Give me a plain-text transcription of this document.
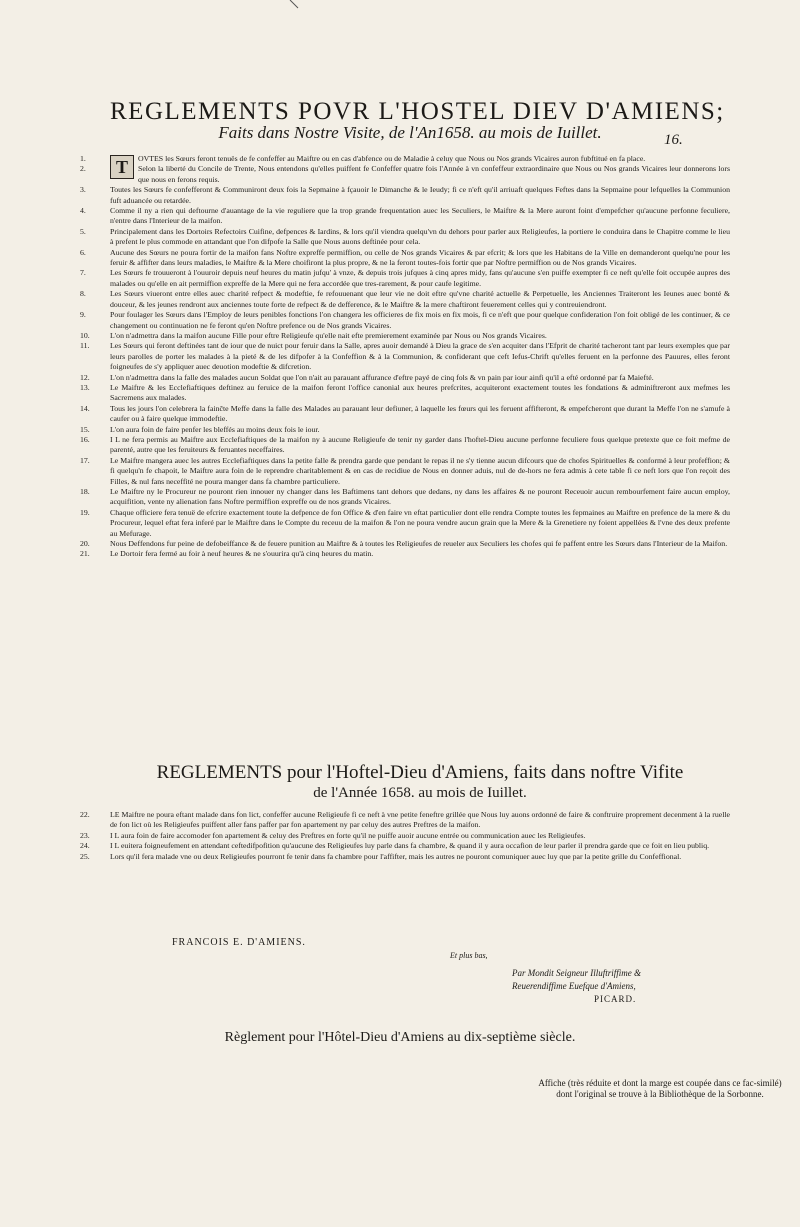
REGLEMENTS POVR L'HOSTEL DIEV D'AMIENS;
Faits dans Nostre Visite, de l'An1658. au mois de Iuillet.	16.
1.	T	OVTES les Sœurs feront tenuës de fe confeffer au Maiftre ou en cas d'abfence ou de Maladie à celuy que Nous ou Nos grands Vicaires auron fubftitué en fa place.
2.	Selon la liberté du Concile de Trente, Nous entendons qu'elles puiffent fe Confeffer quatre fois l'Année à vn confeffeur extraordinaire que Nous ou Nos grands Vicaires leur donnerons lors que nous en ferons requis.
3.	Toutes les Sœurs fe confefferont & Communiront deux fois la Sepmaine à fçauoir le Dimanche & le Ieudy; fi ce n'eft qu'il arriuaft quelques Feftes dans la Sepmaine pour lefquelles la Communion fuft aduancée ou retardée.
4.	Comme il ny a rien qui deftourne d'auantage de la vie reguliere que la trop grande frequentation auec les Seculiers, le Maiftre & la Mere auront foint d'empefcher qu'aucune perfonne feculiere, n'entre dans l'Interieur de la maifon.
5.	Principalement dans les Dortoirs Refectoirs Cuifine, defpences & Iardins, & lors qu'il viendra quelqu'vn du dehors pour parler aux Religieufes, la portiere le conduira dans le Chapitre comme le lieu à prefent le plus commode en attandant que l'on difpofe la Salle que Nous auons deftinée pour cela.
6.	Aucune des Sœurs ne poura fortir de la maifon fans Noftre expreffe permiffion, ou celle de Nos grands Vicaires & par efcrit; & lors que les Habitans de la Ville en demanderont quelqu'ne pour les feruir & affifter dans leurs maladies, le Maiftre & la Mere choifiront la plus propre, & ne la feront toutes-fois fortir que par Noftre permiffion ou de Nos grands Vicaires.
7.	Les Sœurs fe trouueront à l'ouuroir depuis neuf heures du matin jufqu' à vnze, & depuis trois jufques à cinq apres midy, fans qu'aucune s'en puiffe exempter fi ce neft qu'elle foit occupée aupres des malades ou qu'elle en ait permiffion expreffe de la Mere qui ne fera accordée que tres-rarement, & pour caufe legitime.
8.	Les Sœurs viueront entre elles auec charité refpect & modeftie, fe refouuenant que leur vie ne doit eftre qu'vne charité actuelle & Perpetuelle, les Anciennes Traiteront les Ieunes auec bonté & douceur, & les jeunes rendront aux anciennes toute forte de refpect & de defference, & le Maiftre & la mere chaftiront feuerement celles qui y contreuiendront.
9.	Pour foulager les Sœurs dans l'Employ de leurs penibles fonctions l'on changera les officieres de fix mois en fix mois, fi ce n'eft que pour quelque confideration l'on foit obligé de les continuer, & ce changement ou continuation ne fe feront qu'en Noftre prefence ou de Nos grands Vicaires.
10.	L'on n'admettra dans la maifon aucune Fille pour eftre Religieufe qu'elle nait efte premierement examinée par Nous ou Nos grands Vicaires.
11.	Les Sœurs qui feront deftinées tant de iour que de nuict pour feruir dans la Salle, apres auoir demandé à Dieu la grace de s'en acquiter dans l'Efprit de charité tacheront tant par leurs exemples que par leurs parolles de porter les malades à la pieté & de les difpofer à la Confeffion & à la Communion, & confiderant que ceft Iefus-Chrift qu'elles feruent en la perfonne des Pauures, elles feront foigneufes de s'y appliquer auec deuotion modeftie & difcretion.
12.	L'on n'admettra dans la falle des malades aucun Soldat que l'on n'ait au parauant affurance d'eftre payé de cinq fols & vn pain par iour ainfi qu'il a efté ordonné par fa Maiefté.
13.	Le Maiftre & les Ecclefiaftiques deftinez au feruice de la maifon feront l'office canonial aux heures prefcrites, acquiteront exactement toutes les fondations & adminiftreront aux mefmes les Sacremens aux malades.
14.	Tous les jours l'on celebrera la fainčte Meffe dans la falle des Malades au parauant leur defiuner, à laquelle les fœurs qui les feruent affifteront, & empefcheront que durant la Meffe l'on ne s'amufe à caufer ou à faire quelque immodeftie.
15.	L'on aura foin de faire penfer les bleffés au moins deux fois le iour.
16.	I L ne fera permis au Maiftre aux Ecclefiaftiques de la maifon ny à aucune Religieufe de tenir ny garder dans l'hoftel-Dieu aucune perfonne feculiere fous quelque pretexte que ce foit mefme de parenté, autre que les feruiteurs & feruantes neceffaires.
17.	Le Maiftre mangera auec les autres Ecclefiaftiques dans la petite falle & prendra garde que pendant le repas il ne s'y tienne aucun difcours que de chofes Spirituelles & conformé à leur profeffion; & fi quelqu'n fe chapoit, le Maiftre aura foin de le reprendre charitablement & en cas de recidiue de Nous en donner aduis, nul de de-hors ne fera admis à cete table fi ce neft lors que l'on reçoit des Filles, & nul fans neceffité ne poura manger dans fa chambre particuliere.
18.	Le Maiftre ny le Procureur ne pouront rien innouer ny changer dans les Baftimens tant dehors que dedans, ny dans les affaires & ne pouront Receuoir aucun rembourfement faire aucun employ, acquifition, vente ny alienation fans Noftre permiffion expreffe ou de nos grands Vicaires.
19.	Chaque officiere fera tenuë de efcrire exactement toute la defpence de fon Office & d'en faire vn eftat particulier dont elle rendra Compte toutes les fepmaines au Maiftre en prefence de la mere & du Procureur, lequel eftat fera inferé par le Maiftre dans le Compte du receuu de la maifon & l'on ne poura vendre aucun grain que la Mere & la Grenetiere ny foient appellées & l'vne des deux prefente au Mefurage.
20.	Nous Deffendons fur peine de defobeiffance & de feuere punition au Maiftre & à toutes les Religieufes de reueler aux Seculiers les chofes qui fe paffent entre les Sœurs dans l'Interieur de la Maifon.
21.	Le Dortoir fera fermé au foir à neuf heures & ne s'ouurira qu'à cinq heures du matin.
REGLEMENTS pour l'Hoftel-Dieu d'Amiens, faits dans noftre Vifite
de l'Année 1658. au mois de Iuillet.
22.	LE Maiftre ne poura eftant malade dans fon lict, confeffer aucune Religieufe fi ce neft à vne petite feneftre grillée que Nous luy auons ordonné de faire & conftruire proprement decenment à la ruelle de fon lict où les Religieufes puiffent aller fans paffer par fon apartement ny par celuy des autres Preftres de la maifon.
23.	I L aura foin de faire accomoder fon apartement & celuy des Preftres en forte qu'il ne puiffe auoir aucune entrée ou communication auec les Religieufes.
24.	I L euitera foigneufement en attendant ceftedifpofition qu'aucune des Religieufes luy parle dans fa chambre, & quand il y aura occafion de leur parler il prendra garde que ce foit en lieu publiq.
25.	Lors qu'il fera malade vne ou deux Religieufes pourront fe tenir dans fa chambre pour l'affifter, mais les autres ne pouront comuniquer auec luy que par la petite grille du Confeffional.
FRANCOIS E. D'AMIENS.
Et plus bas,
Par Mondit Seigneur Illuftriffime &
Reuerendiffime Euefque d'Amiens,
PICARD.
Règlement pour l'Hôtel-Dieu d'Amiens au dix-septième siècle.
Affiche (très réduite et dont la marge est coupée dans ce fac-similé) dont l'original se trouve à la Bibliothèque de la Sorbonne.
